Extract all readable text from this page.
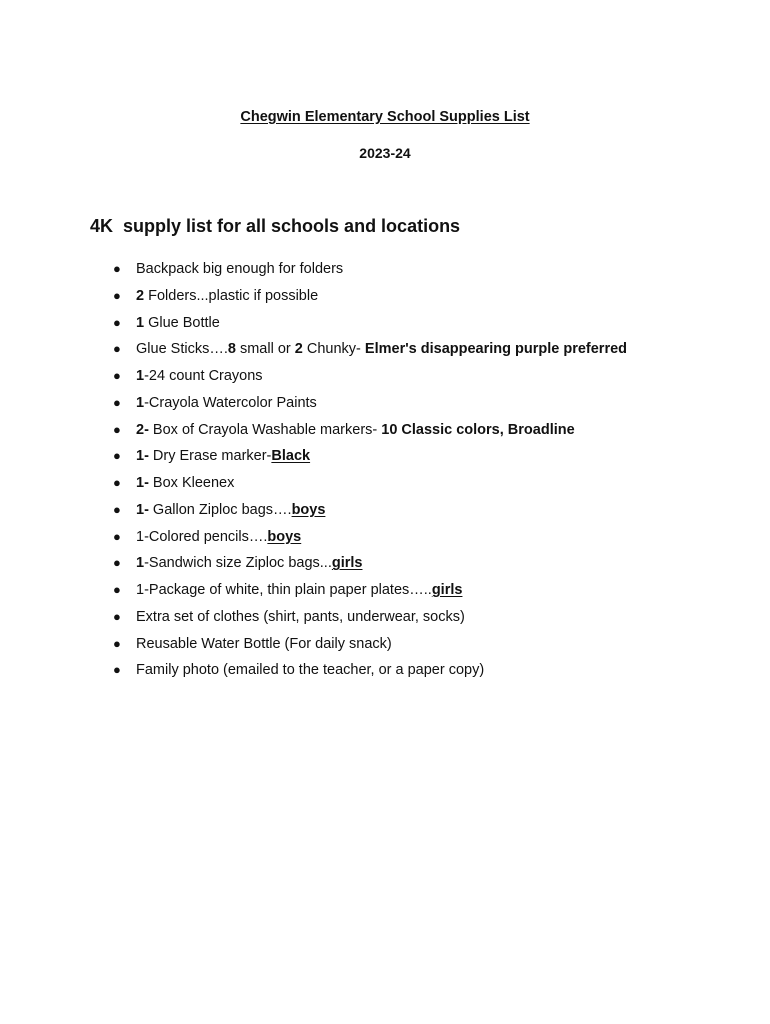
Chegwin Elementary School Supplies List

2023-24

4K  supply list for all schools and locations
● Backpack big enough for folders
● 2 Folders...plastic if possible
● 1 Glue Bottle
● Glue Sticks….8 small or 2 Chunky- Elmer's disappearing purple preferred
● 1-24 count Crayons
● 1-Crayola Watercolor Paints
● 2- Box of Crayola Washable markers- 10 Classic colors, Broadline
● 1- Dry Erase marker-Black
● 1- Box Kleenex
● 1- Gallon Ziploc bags….boys
● 1-Colored pencils….boys
● 1-Sandwich size Ziploc bags...girls
● 1-Package of white, thin plain paper plates…..girls
● Extra set of clothes (shirt, pants, underwear, socks)
● Reusable Water Bottle (For daily snack)
● Family photo (emailed to the teacher, or a paper copy)
